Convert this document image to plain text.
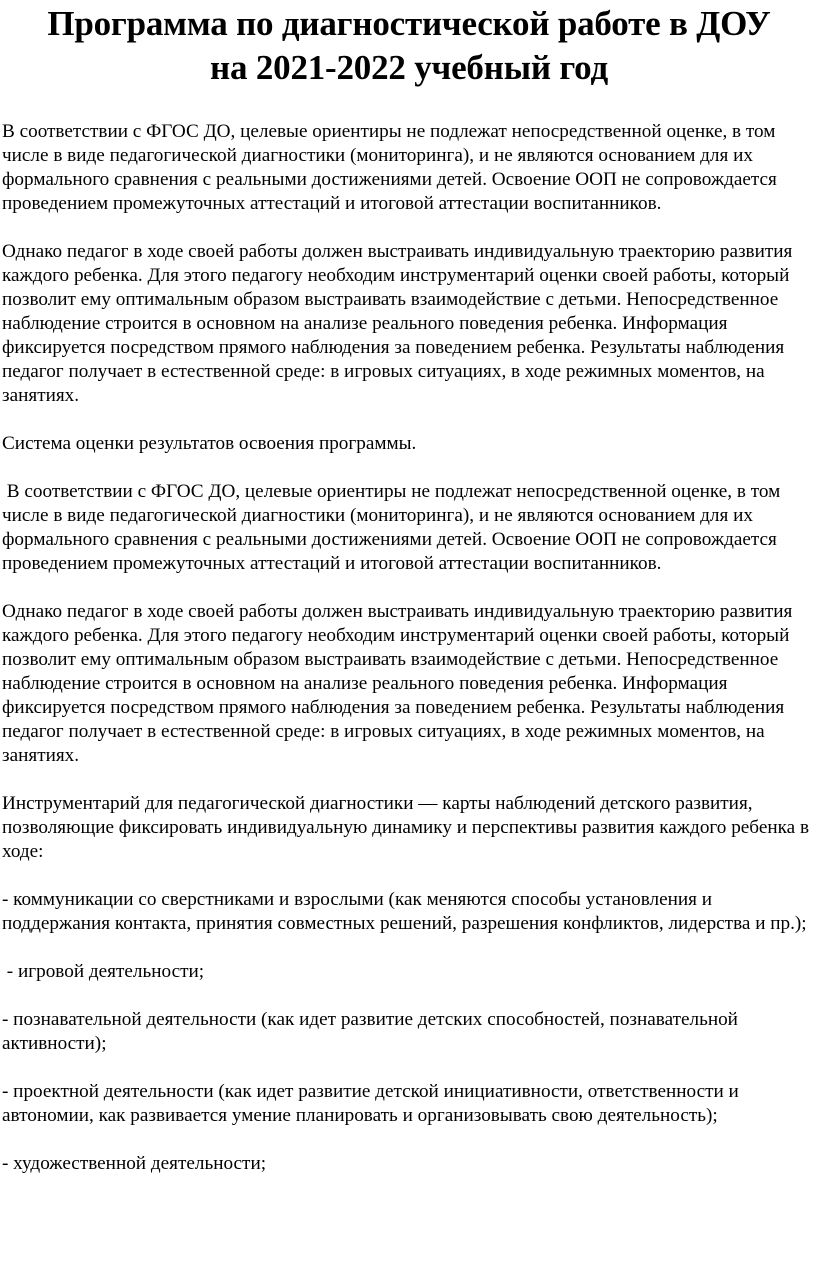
Программа по диагностической работе в ДОУ
на 2021-2022 учебный год

В соответствии с ФГОС ДО, целевые ориентиры не подлежат непосредственной оценке, в том числе в виде педагогической диагностики (мониторинга), и не являются основанием для их формального сравнения с реальными достижениями детей. Освоение ООП не сопровождается проведением промежуточных аттестаций и итоговой аттестации воспитанников.

Однако педагог в ходе своей работы должен выстраивать индивидуальную траекторию развития каждого ребенка. Для этого педагогу необходим инструментарий оценки своей работы, который позволит ему оптимальным образом выстраивать взаимодействие с детьми. Непосредственное наблюдение строится в основном на анализе реального поведения ребенка. Информация фиксируется посредством прямого наблюдения за поведением ребенка. Результаты наблюдения педагог получает в естественной среде: в игровых ситуациях, в ходе режимных моментов, на занятиях.

Система оценки результатов освоения программы.

В соответствии с ФГОС ДО, целевые ориентиры не подлежат непосредственной оценке, в том числе в виде педагогической диагностики (мониторинга), и не являются основанием для их формального сравнения с реальными достижениями детей. Освоение ООП не сопровождается проведением промежуточных аттестаций и итоговой аттестации воспитанников.

Однако педагог в ходе своей работы должен выстраивать индивидуальную траекторию развития каждого ребенка. Для этого педагогу необходим инструментарий оценки своей работы, который позволит ему оптимальным образом выстраивать взаимодействие с детьми. Непосредственное наблюдение строится в основном на анализе реального поведения ребенка. Информация фиксируется посредством прямого наблюдения за поведением ребенка. Результаты наблюдения педагог получает в естественной среде: в игровых ситуациях, в ходе режимных моментов, на занятиях.

Инструментарий для педагогической диагностики — карты наблюдений детского развития, позволяющие фиксировать индивидуальную динамику и перспективы развития каждого ребенка в ходе:

- коммуникации со сверстниками и взрослыми (как меняются способы установления и поддержания контакта, принятия совместных решений, разрешения конфликтов, лидерства и пр.);

- игровой деятельности;

- познавательной деятельности (как идет развитие детских способностей, познавательной активности);

- проектной деятельности (как идет развитие детской инициативности, ответственности и автономии, как развивается умение планировать и организовывать свою деятельность);

- художественной деятельности;
